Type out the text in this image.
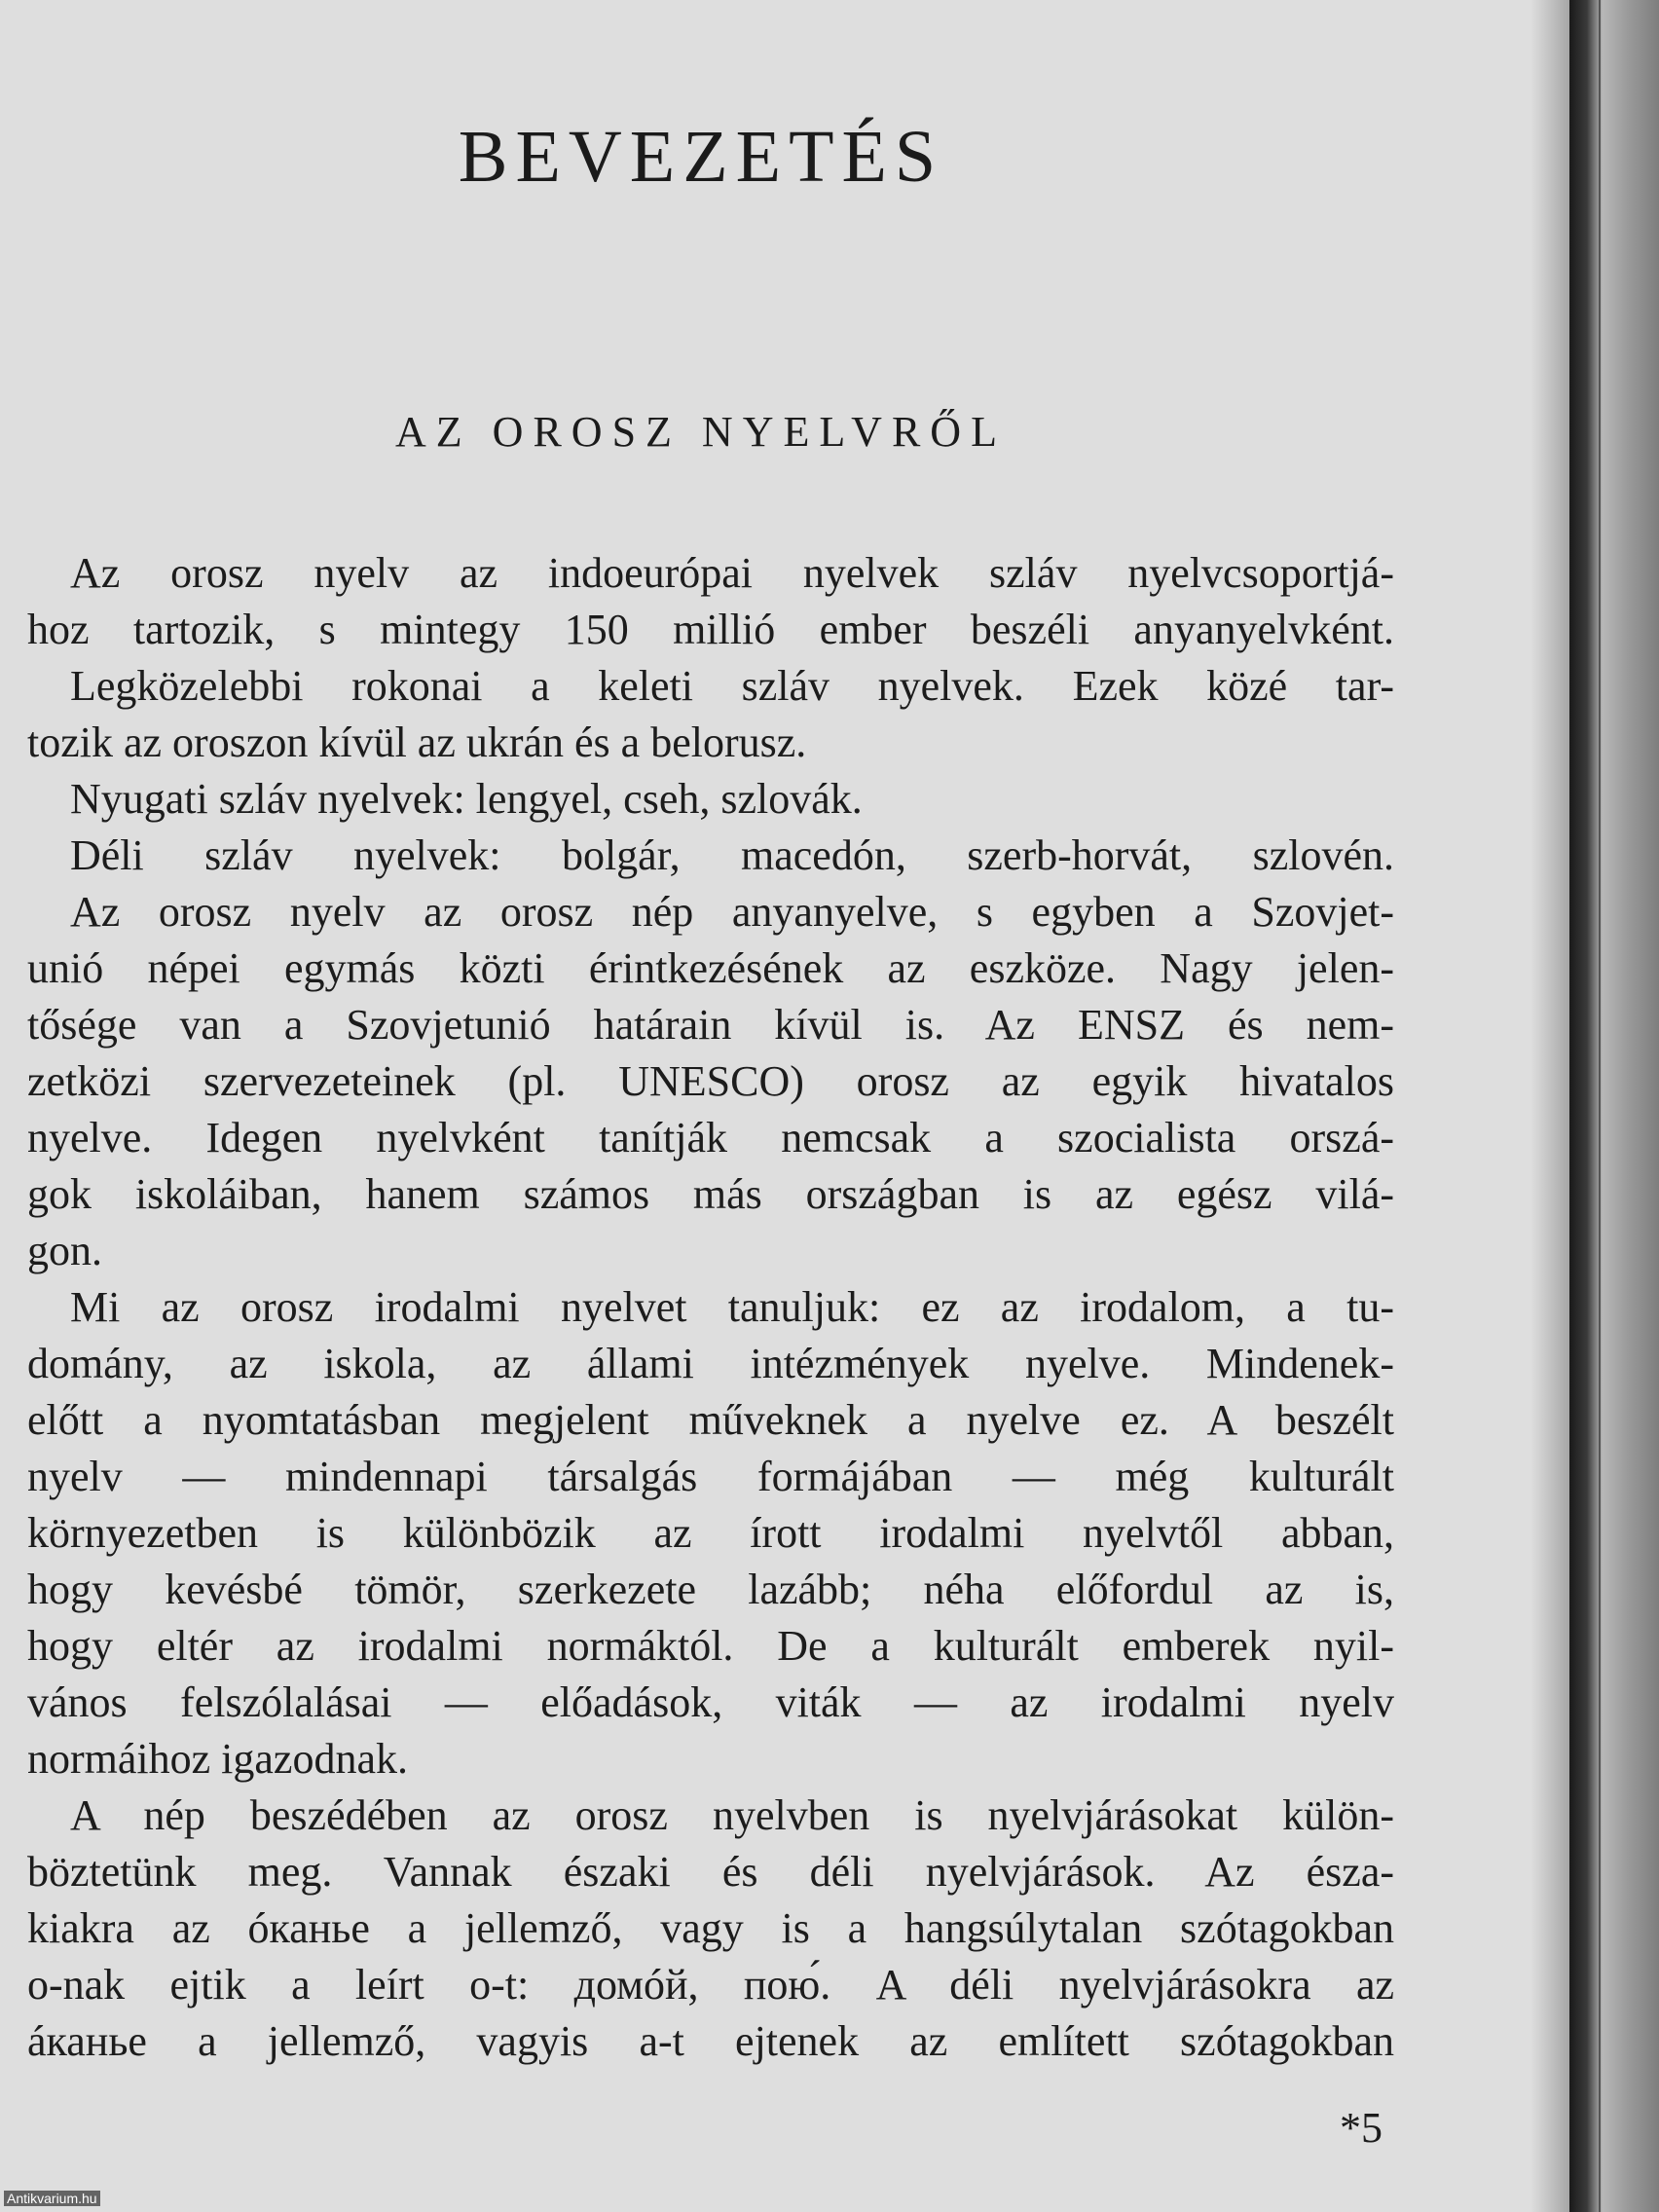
BEVEZETÉS
AZ OROSZ NYELVRŐL
Az orosz nyelv az indoeurópai nyelvek szláv nyelvcsoportjá-
hoz tartozik, s mintegy 150 millió ember beszéli anyanyelvként.
Legközelebbi rokonai a keleti szláv nyelvek. Ezek közé tar-
tozik az oroszon kívül az ukrán és a belorusz.
Nyugati szláv nyelvek: lengyel, cseh, szlovák.
Déli szláv nyelvek: bolgár, macedón, szerb-horvát, szlovén.
Az orosz nyelv az orosz nép anyanyelve, s egyben a Szovjet-
unió népei egymás közti érintkezésének az eszköze. Nagy jelen-
tősége van a Szovjetunió határain kívül is. Az ENSZ és nem-
zetközi szervezeteinek (pl. UNESCO) orosz az egyik hivatalos
nyelve. Idegen nyelvként tanítják nemcsak a szocialista orszá-
gok iskoláiban, hanem számos más országban is az egész vilá-
gon.
Mi az orosz irodalmi nyelvet tanuljuk: ez az irodalom, a tu-
domány, az iskola, az állami intézmények nyelve. Mindenek-
előtt a nyomtatásban megjelent műveknek a nyelve ez. A beszélt
nyelv — mindennapi társalgás formájában — még kulturált
környezetben is különbözik az írott irodalmi nyelvtől abban,
hogy kevésbé tömör, szerkezete lazább; néha előfordul az is,
hogy eltér az irodalmi normáktól. De a kulturált emberek nyil-
vános felszólalásai — előadások, viták — az irodalmi nyelv
normáihoz igazodnak.
A nép beszédében az orosz nyelvben is nyelvjárásokat külön-
böztetünk meg. Vannak északi és déli nyelvjárások. Az észa-
kiakra az óканье a jellemző, vagy is a hangsúlytalan szótagokban
o-nak ejtik a leírt o-t: домóй, пою́. A déli nyelvjárásokra az
áканье a jellemző, vagyis a-t ejtenek az említett szótagokban
*5
Antikvarium.hu
